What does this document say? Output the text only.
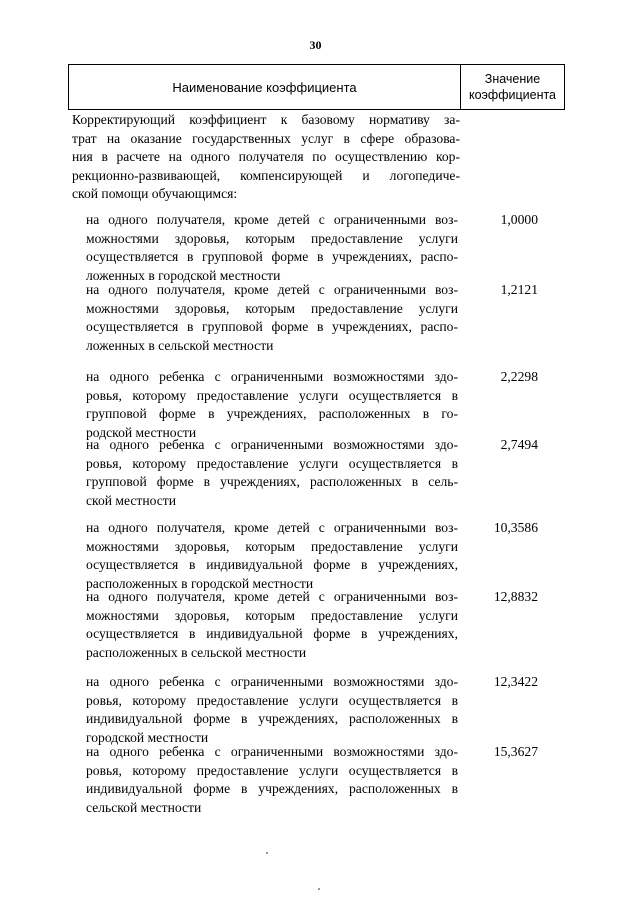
30
Наименование коэффициента
Значение
коэффициента
Корректирующий коэффициент к базовому нормативу за-
трат на оказание государственных услуг в сфере образова-
ния в расчете на одного получателя по осуществлению кор-
рекционно-развивающей, компенсирующей и логопедиче-
ской помощи обучающимся:
на одного получателя, кроме детей с ограниченными воз-
можностями здоровья, которым предоставление услуги
осуществляется в групповой форме в учреждениях, распо-
ложенных в городской местности
1,0000
на одного получателя, кроме детей с ограниченными воз-
можностями здоровья, которым предоставление услуги
осуществляется в групповой форме в учреждениях, распо-
ложенных в сельской местности
1,2121
на одного ребенка с ограниченными возможностями здо-
ровья, которому предоставление услуги осуществляется в
групповой форме в учреждениях, расположенных в го-
родской местности
2,2298
на одного ребенка с ограниченными возможностями здо-
ровья, которому предоставление услуги осуществляется в
групповой форме в учреждениях, расположенных в сель-
ской местности
2,7494
на одного получателя, кроме детей с ограниченными воз-
можностями здоровья, которым предоставление услуги
осуществляется в индивидуальной форме в учреждениях,
расположенных в городской местности
10,3586
на одного получателя, кроме детей с ограниченными воз-
можностями здоровья, которым предоставление услуги
осуществляется в индивидуальной форме в учреждениях,
расположенных в сельской местности
12,8832
на одного ребенка с ограниченными возможностями здо-
ровья, которому предоставление услуги осуществляется в
индивидуальной форме в учреждениях, расположенных в
городской местности
12,3422
на одного ребенка с ограниченными возможностями здо-
ровья, которому предоставление услуги осуществляется в
индивидуальной форме в учреждениях, расположенных в
сельской местности
15,3627
